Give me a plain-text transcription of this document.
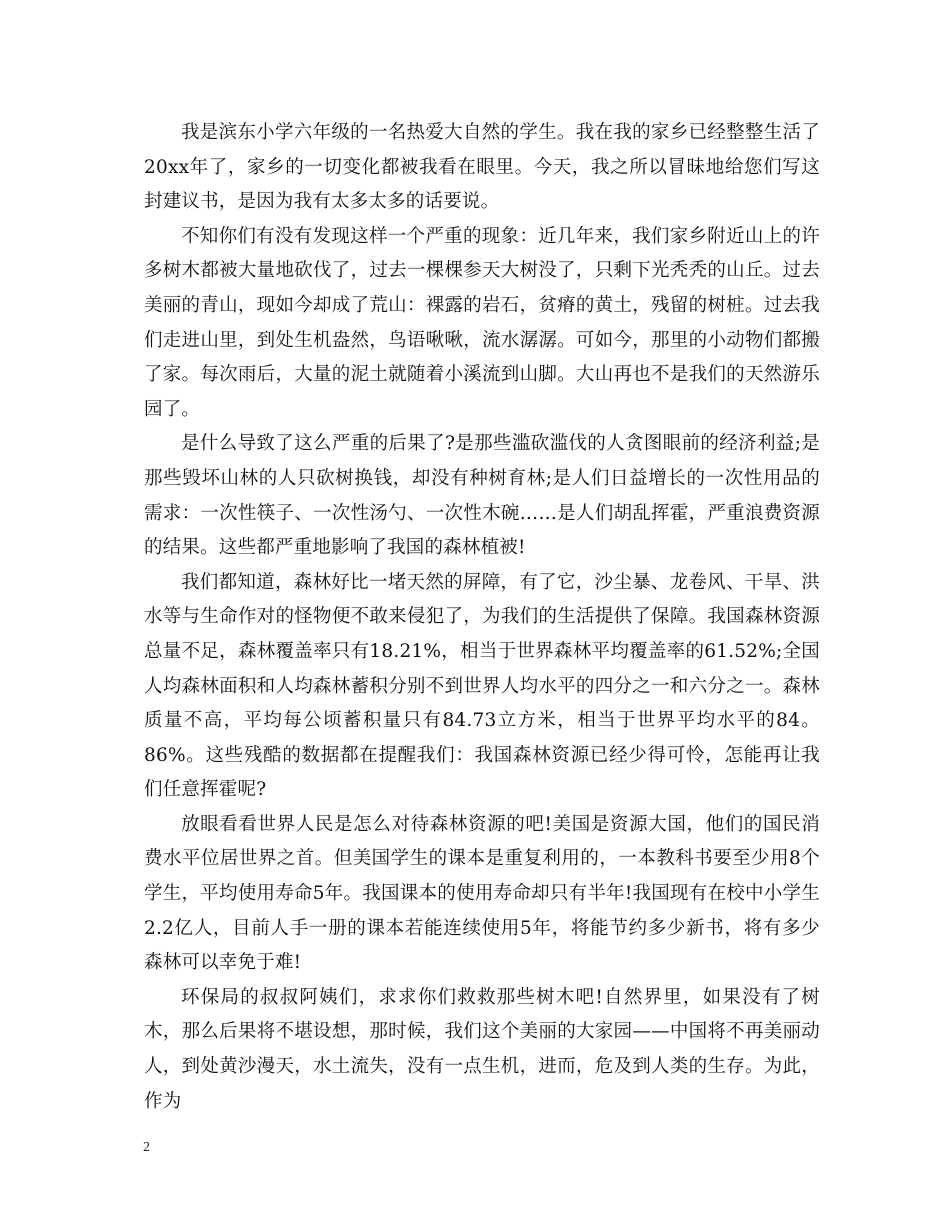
我是滨东小学六年级的一名热爱大自然的学生。我在我的家乡已经整整生活了20xx年了，家乡的一切变化都被我看在眼里。今天，我之所以冒昧地给您们写这封建议书，是因为我有太多太多的话要说。

不知你们有没有发现这样一个严重的现象：近几年来，我们家乡附近山上的许多树木都被大量地砍伐了，过去一棵棵参天大树没了，只剩下光秃秃的山丘。过去美丽的青山，现如今却成了荒山：裸露的岩石，贫瘠的黄土，残留的树桩。过去我们走进山里，到处生机盎然，鸟语啾啾，流水潺潺。可如今，那里的小动物们都搬了家。每次雨后，大量的泥土就随着小溪流到山脚。大山再也不是我们的天然游乐园了。

是什么导致了这么严重的后果了?是那些滥砍滥伐的人贪图眼前的经济利益;是那些毁坏山林的人只砍树换钱，却没有种树育林;是人们日益增长的一次性用品的需求：一次性筷子、一次性汤勺、一次性木碗……是人们胡乱挥霍，严重浪费资源的结果。这些都严重地影响了我国的森林植被!

我们都知道，森林好比一堵天然的屏障，有了它，沙尘暴、龙卷风、干旱、洪水等与生命作对的怪物便不敢来侵犯了，为我们的生活提供了保障。我国森林资源总量不足，森林覆盖率只有18.21%，相当于世界森林平均覆盖率的61.52%;全国人均森林面积和人均森林蓄积分别不到世界人均水平的四分之一和六分之一。森林质量不高，平均每公顷蓄积量只有84.73立方米，相当于世界平均水平的84。86%。这些残酷的数据都在提醒我们：我国森林资源已经少得可怜，怎能再让我们任意挥霍呢?

放眼看看世界人民是怎么对待森林资源的吧!美国是资源大国，他们的国民消费水平位居世界之首。但美国学生的课本是重复利用的，一本教科书要至少用8个学生，平均使用寿命5年。我国课本的使用寿命却只有半年!我国现有在校中小学生2.2亿人，目前人手一册的课本若能连续使用5年，将能节约多少新书，将有多少森林可以幸免于难!

环保局的叔叔阿姨们，求求你们救救那些树木吧!自然界里，如果没有了树木，那么后果将不堪设想，那时候，我们这个美丽的大家园——中国将不再美丽动人，到处黄沙漫天，水土流失，没有一点生机，进而，危及到人类的生存。为此，作为

2
